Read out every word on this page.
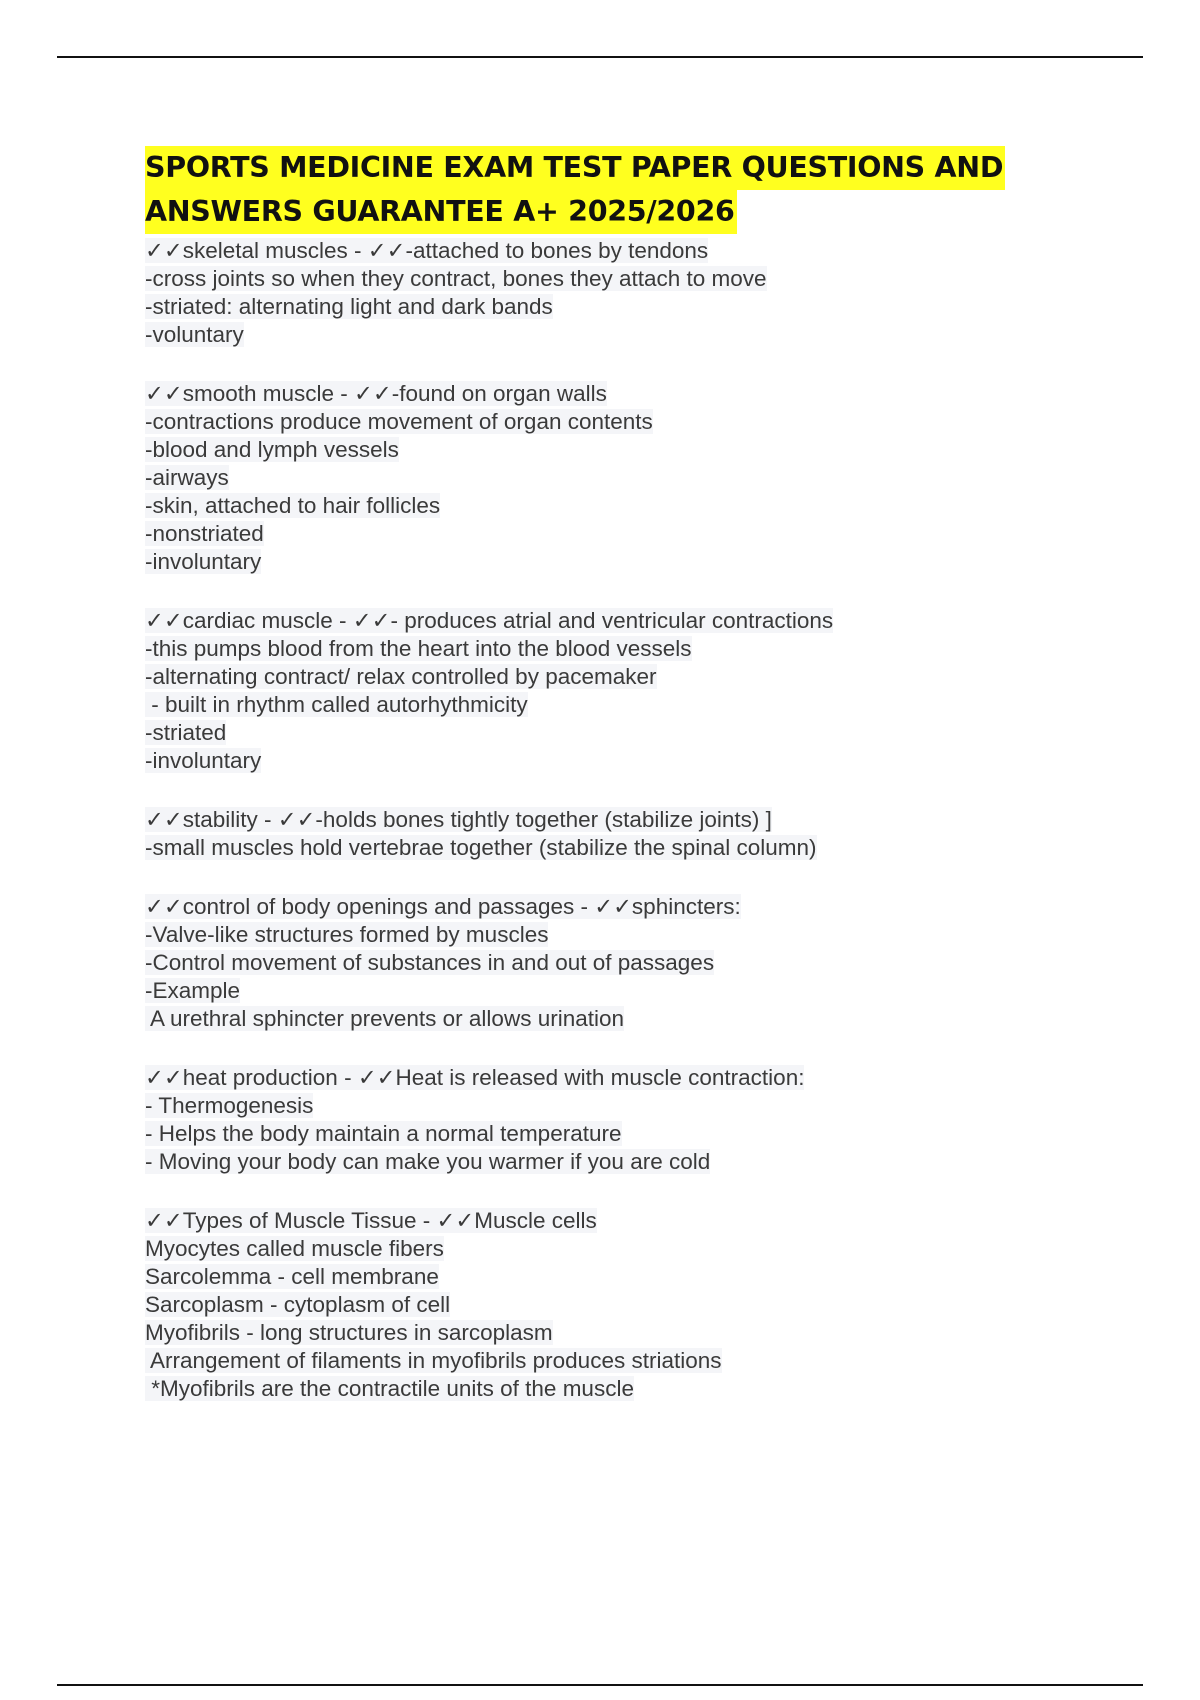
SPORTS MEDICINE EXAM TEST PAPER QUESTIONS AND
ANSWERS GUARANTEE A+ 2025/2026
✓✓skeletal muscles - ✓✓-attached to bones by tendons
-cross joints so when they contract, bones they attach to move
-striated: alternating light and dark bands
-voluntary
✓✓smooth muscle - ✓✓-found on organ walls
-contractions produce movement of organ contents
-blood and lymph vessels
-airways
-skin, attached to hair follicles
-nonstriated
-involuntary
✓✓cardiac muscle - ✓✓- produces atrial and ventricular contractions
-this pumps blood from the heart into the blood vessels
-alternating contract/ relax controlled by pacemaker
- built in rhythm called autorhythmicity
-striated
-involuntary
✓✓stability - ✓✓-holds bones tightly together (stabilize joints) ]
-small muscles hold vertebrae together (stabilize the spinal column)
✓✓control of body openings and passages - ✓✓sphincters:
-Valve-like structures formed by muscles
-Control movement of substances in and out of passages
-Example
A urethral sphincter prevents or allows urination
✓✓heat production - ✓✓Heat is released with muscle contraction:
- Thermogenesis
- Helps the body maintain a normal temperature
- Moving your body can make you warmer if you are cold
✓✓Types of Muscle Tissue - ✓✓Muscle cells
Myocytes called muscle fibers
Sarcolemma - cell membrane
Sarcoplasm - cytoplasm of cell
Myofibrils - long structures in sarcoplasm
Arrangement of filaments in myofibrils produces striations
*Myofibrils are the contractile units of the muscle
